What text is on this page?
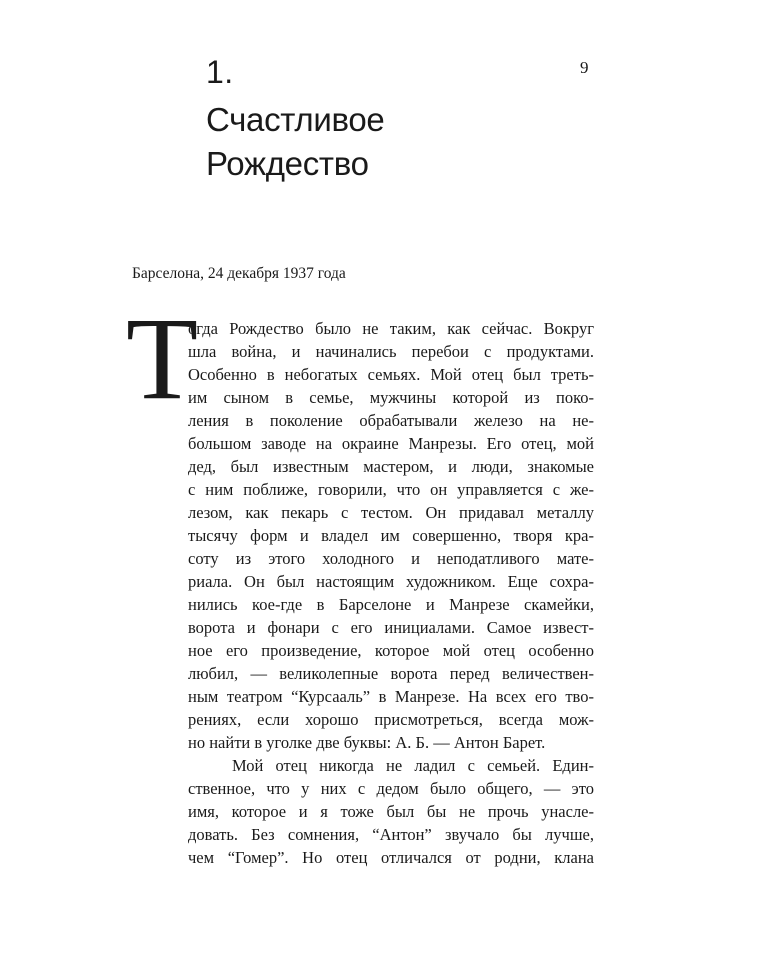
9
1.
Счастливое
Рождество
Барселона, 24 декабря 1937 года
Т
огда Рождество было не таким, как сейчас. Вокруг
шла война, и начинались перебои с продуктами.
Особенно в небогатых семьях. Мой отец был треть-
им сыном в семье, мужчины которой из поко-
ления в поколение обрабатывали железо на не-
большом заводе на окраине Манрезы. Его отец, мой
дед, был известным мастером, и люди, знакомые
с ним поближе, говорили, что он управляется с же-
лезом, как пекарь с тестом. Он придавал металлу
тысячу форм и владел им совершенно, творя кра-
соту из этого холодного и неподатливого мате-
риала. Он был настоящим художником. Еще сохра-
нились кое-где в Барселоне и Манрезе скамейки,
ворота и фонари с его инициалами. Самое извест-
ное его произведение, которое мой отец особенно
любил, — великолепные ворота перед величествен-
ным театром “Курсааль” в Манрезе. На всех его тво-
рениях, если хорошо присмотреться, всегда мож-
но найти в уголке две буквы: А. Б. — Антон Барет.
Мой отец никогда не ладил с семьей. Един-
ственное, что у них с дедом было общего, — это
имя, которое и я тоже был бы не прочь унасле-
довать. Без сомнения, “Антон” звучало бы лучше,
чем “Гомер”. Но отец отличался от родни, клана
